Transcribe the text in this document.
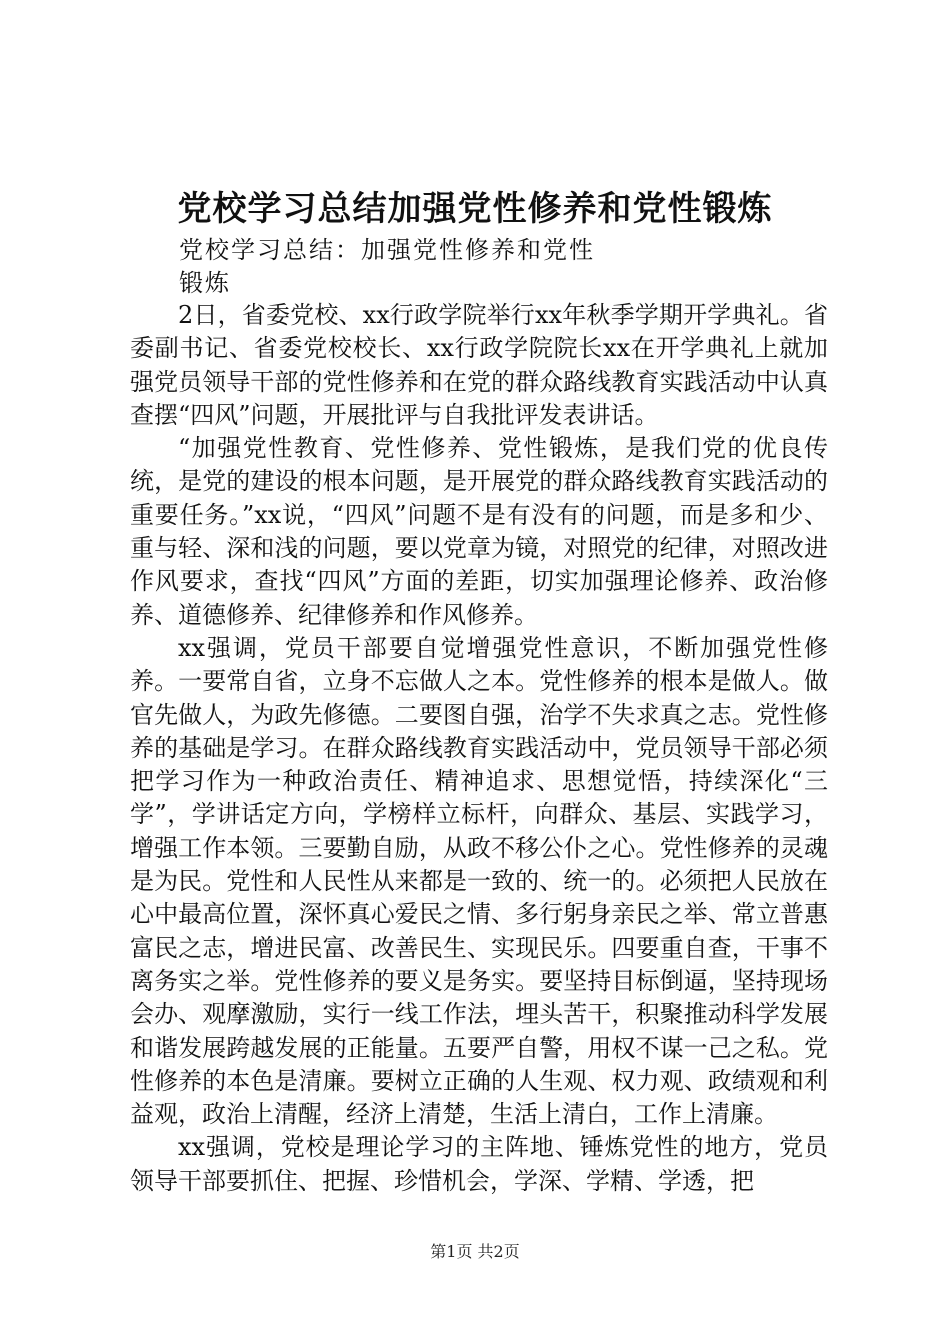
党校学习总结加强党性修养和党性锻炼

党校学习总结：加强党性修养和党性锻炼

2日，省委党校、xx行政学院举行xx年秋季学期开学典礼。省委副书记、省委党校校长、xx行政学院院长xx在开学典礼上就加强党员领导干部的党性修养和在党的群众路线教育实践活动中认真查摆“四风”问题，开展批评与自我批评发表讲话。

“加强党性教育、党性修养、党性锻炼，是我们党的优良传统，是党的建设的根本问题，是开展党的群众路线教育实践活动的重要任务。”xx说，“四风”问题不是有没有的问题，而是多和少、重与轻、深和浅的问题，要以党章为镜，对照党的纪律，对照改进作风要求，查找“四风”方面的差距，切实加强理论修养、政治修养、道德修养、纪律修养和作风修养。

xx强调，党员干部要自觉增强党性意识，不断加强党性修养。一要常自省，立身不忘做人之本。党性修养的根本是做人。做官先做人，为政先修德。二要图自强，治学不失求真之志。党性修养的基础是学习。在群众路线教育实践活动中，党员领导干部必须把学习作为一种政治责任、精神追求、思想觉悟，持续深化“三学”，学讲话定方向，学榜样立标杆，向群众、基层、实践学习，增强工作本领。三要勤自励，从政不移公仆之心。党性修养的灵魂是为民。党性和人民性从来都是一致的、统一的。必须把人民放在心中最高位置，深怀真心爱民之情、多行躬身亲民之举、常立普惠富民之志，增进民富、改善民生、实现民乐。四要重自查，干事不离务实之举。党性修养的要义是务实。要坚持目标倒逼，坚持现场会办、观摩激励，实行一线工作法，埋头苦干，积聚推动科学发展和谐发展跨越发展的正能量。五要严自警，用权不谋一己之私。党性修养的本色是清廉。要树立正确的人生观、权力观、政绩观和利益观，政治上清醒，经济上清楚，生活上清白，工作上清廉。

xx强调，党校是理论学习的主阵地、锤炼党性的地方，党员领导干部要抓住、把握、珍惜机会，学深、学精、学透，把

第1页 共2页
